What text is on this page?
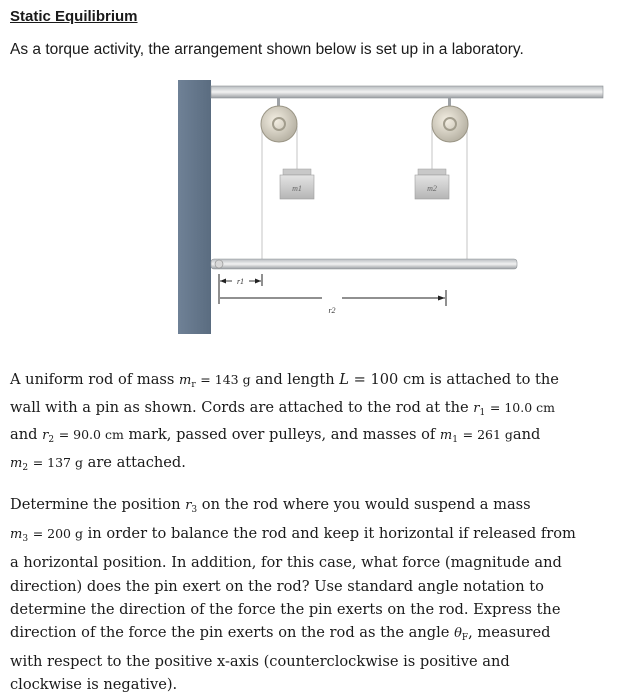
Static Equilibrium
As a torque activity, the arrangement shown below is set up in a laboratory.
m1	m2
r1
r2
A uniform rod of mass $m_r = 143$ g and length L = 100 cm is attached to the
wall with a pin as shown. Cords are attached to the rod at the $r_1 = 10.0$ cm
and $r_2 = 90.0$ cm mark, passed over pulleys, and masses of $m_1 = 261$ gand
$m_2 = 137$ g are attached.
Determine the position $r_3$ on the rod where you would suspend a mass
$m_3 = 200$ g in order to balance the rod and keep it horizontal if released from
a horizontal position. In addition, for this case, what force (magnitude and
direction) does the pin exert on the rod? Use standard angle notation to
determine the direction of the force the pin exerts on the rod. Express the
direction of the force the pin exerts on the rod as the angle $\theta_F$, measured
with respect to the positive x-axis (counterclockwise is positive and
clockwise is negative).
